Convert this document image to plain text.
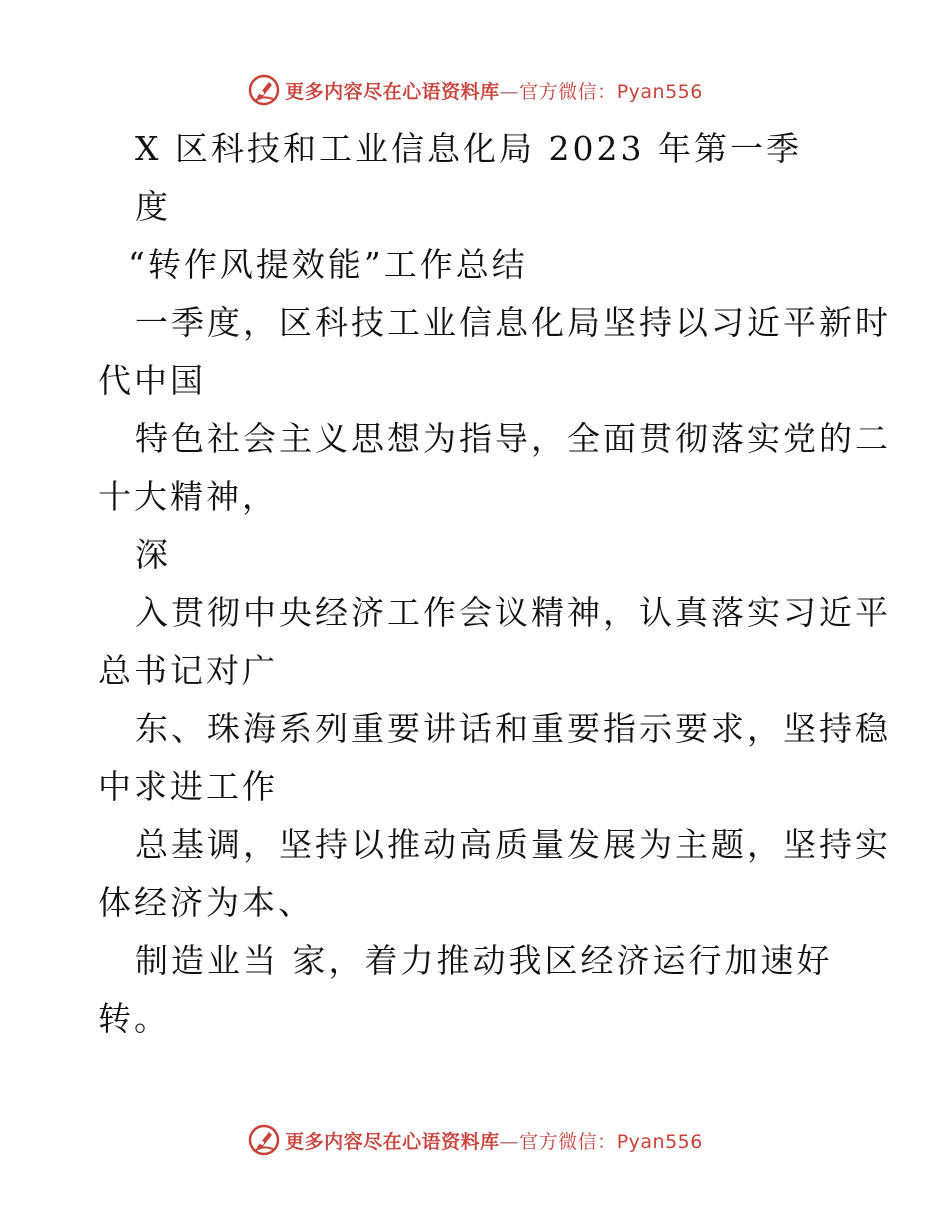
更多内容尽在心语资料库—官方微信：Pyan556
X 区科技和工业信息化局 2023 年第一季
度
“转作风提效能”工作总结
一季度，区科技工业信息化局坚持以习近平新时
代中国
特色社会主义思想为指导，全面贯彻落实党的二
十大精神，
深
入贯彻中央经济工作会议精神，认真落实习近平
总书记对广
东、珠海系列重要讲话和重要指示要求，坚持稳
中求进工作
总基调，坚持以推动高质量发展为主题，坚持实
体经济为本、
制造业当 家，着力推动我区经济运行加速好
转。
更多内容尽在心语资料库—官方微信：Pyan556
